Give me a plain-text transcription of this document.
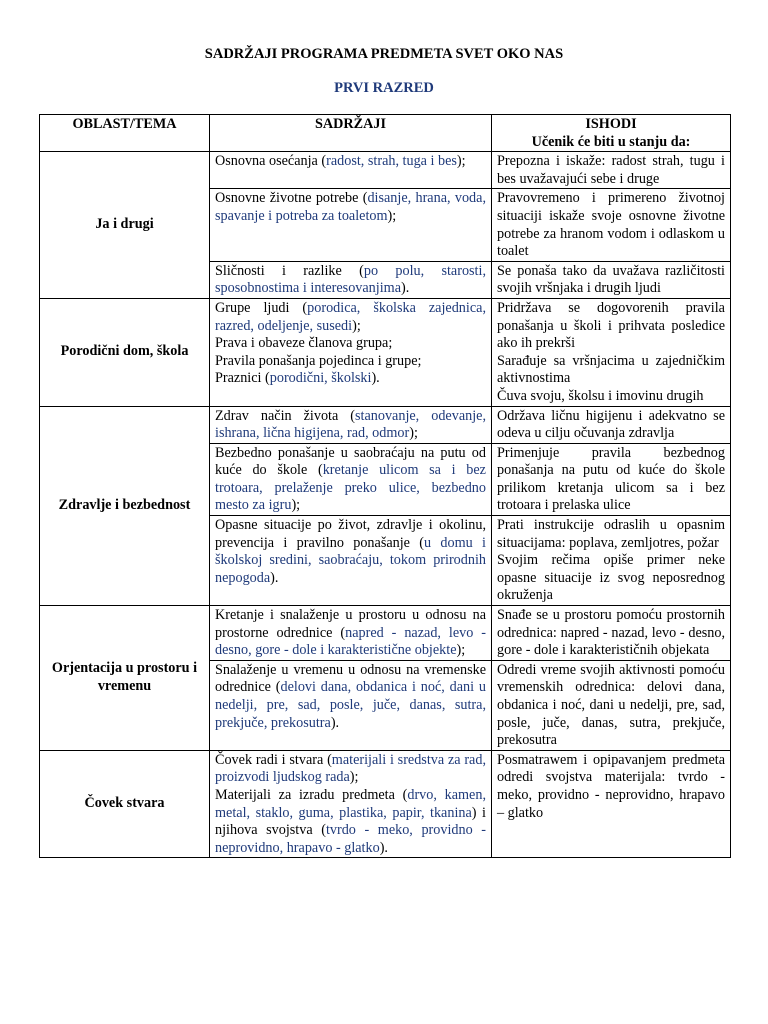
SADRŽAJI PROGRAMA PREDMETA SVET OKO NAS
PRVI RAZRED
OBLAST/TEMA	SADRŽAJI	ISHODI
Učenik će biti u stanju da:

Ja i drugi	Osnovna osećanja (radost, strah, tuga i bes);	Prepozna i iskaže: radost strah, tugu i bes uvažavajući sebe i druge

	Osnovne životne potrebe (disanje, hrana, voda, spavanje i potreba za toaletom);	Pravovremeno i primereno životnoj situaciji iskaže svoje osnovne životne potrebe za hranom vodom i odlaskom u toalet

	Sličnosti i razlike (po polu, starosti, sposobnostima i interesovanjima).	Se ponaša tako da uvažava različitosti svojih vršnjaka i drugih ljudi

Porodični dom, škola	Grupe ljudi (porodica, školska zajednica, razred, odeljenje, susedi);
Prava i obaveze članova grupa;
Pravila ponašanja pojedinca i grupe;
Praznici (porodični, školski).	Pridržava se dogovorenih pravila ponašanja u školi i prihvata posledice ako ih prekrši
Sarađuje sa vršnjacima u zajedničkim aktivnostima
Čuva svoju, školsu i imovinu drugih

Zdravlje i bezbednost	Zdrav način života (stanovanje, odevanje, ishrana, lična higijena, rad, odmor);	Održava ličnu higijenu i adekvatno se odeva u cilju očuvanja zdravlja

	Bezbedno ponašanje u saobraćaju na putu od kuće do škole (kretanje ulicom sa i bez trotoara, prelaženje preko ulice, bezbedno mesto za igru);	Primenjuje pravila bezbednog ponašanja na putu od kuće do škole prilikom kretanja ulicom sa i bez trotoara i prelaska ulice

	Opasne situacije po život, zdravlje i okolinu, prevencija i pravilno ponašanje (u domu i školskoj sredini, saobraćaju, tokom prirodnih nepogoda).	Prati instrukcije odraslih u opasnim situacijama: poplava, zemljotres, požar
Svojim rečima opiše primer neke opasne situacije iz svog neposrednog okruženja

Orjentacija u prostoru i vremenu	Kretanje i snalaženje u prostoru u odnosu na prostorne odrednice (napred - nazad, levo - desno, gore - dole i karakteristične objekte);	Snađe se u prostoru pomoću prostornih odrednica: napred - nazad, levo - desno, gore - dole i karakterističnih objekata

	Snalaženje u vremenu u odnosu na vremenske odrednice (delovi dana, obdanica i noć, dani u nedelji, pre, sad, posle, juče, danas, sutra, prekjuče, prekosutra).	Odredi vreme svojih aktivnosti pomoću vremenskih odrednica: delovi dana, obdanica i noć, dani u nedelji, pre, sad, posle, juče, danas, sutra, prekjuče, prekosutra

Čovek stvara	Čovek radi i stvara (materijali i sredstva za rad, proizvodi ljudskog rada);
Materijali za izradu predmeta (drvo, kamen, metal, staklo, guma, plastika, papir, tkanina) i njihova svojstva (tvrdo - meko, providno - neprovidno, hrapavo - glatko).	Posmatrawem i opipavanjem predmeta odredi svojstva materijala: tvrdo - meko, providno - neprovidno, hrapavo – glatko
